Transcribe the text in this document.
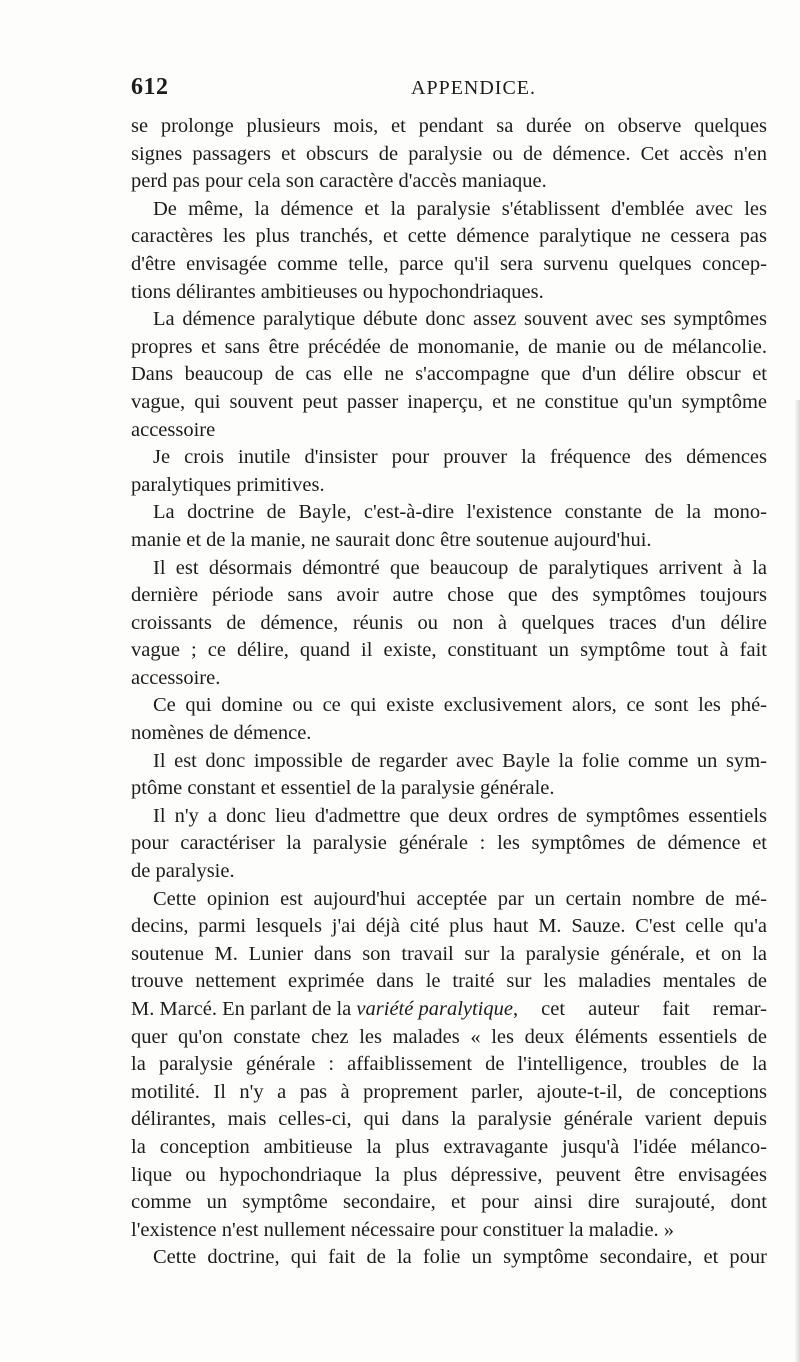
612	APPENDICE.
se prolonge plusieurs mois, et pendant sa durée on observe quelques
signes passagers et obscurs de paralysie ou de démence. Cet accès n'en
perd pas pour cela son caractère d'accès maniaque.
De même, la démence et la paralysie s'établissent d'emblée avec les
caractères les plus tranchés, et cette démence paralytique ne cessera pas
d'être envisagée comme telle, parce qu'il sera survenu quelques concep-
tions délirantes ambitieuses ou hypochondriaques.
La démence paralytique débute donc assez souvent avec ses symptômes
propres et sans être précédée de monomanie, de manie ou de mélancolie.
Dans beaucoup de cas elle ne s'accompagne que d'un délire obscur et
vague, qui souvent peut passer inaperçu, et ne constitue qu'un symptôme
accessoire
Je crois inutile d'insister pour prouver la fréquence des démences
paralytiques primitives.
La doctrine de Bayle, c'est-à-dire l'existence constante de la mono-
manie et de la manie, ne saurait donc être soutenue aujourd'hui.
Il est désormais démontré que beaucoup de paralytiques arrivent à la
dernière période sans avoir autre chose que des symptômes toujours
croissants de démence, réunis ou non à quelques traces d'un délire
vague ; ce délire, quand il existe, constituant un symptôme tout à fait
accessoire.
Ce qui domine ou ce qui existe exclusivement alors, ce sont les phé-
nomènes de démence.
Il est donc impossible de regarder avec Bayle la folie comme un sym-
ptôme constant et essentiel de la paralysie générale.
Il n'y a donc lieu d'admettre que deux ordres de symptômes essentiels
pour caractériser la paralysie générale : les symptômes de démence et
de paralysie.
Cette opinion est aujourd'hui acceptée par un certain nombre de mé-
decins, parmi lesquels j'ai déjà cité plus haut M. Sauze. C'est celle qu'a
soutenue M. Lunier dans son travail sur la paralysie générale, et on la
trouve nettement exprimée dans le traité sur les maladies mentales de
M. Marcé. En parlant de la
variété paralytique , cet auteur fait remar-
quer qu'on constate chez les malades « les deux éléments essentiels de
la paralysie générale : affaiblissement de l'intelligence, troubles de la
motilité. Il n'y a pas à proprement parler, ajoute-t-il, de conceptions
délirantes, mais celles-ci, qui dans la paralysie générale varient depuis
la conception ambitieuse la plus extravagante jusqu'à l'idée mélanco-
lique ou hypochondriaque la plus dépressive, peuvent être envisagées
comme un symptôme secondaire, et pour ainsi dire surajouté, dont
l'existence n'est nullement nécessaire pour constituer la maladie. »
Cette doctrine, qui fait de la folie un symptôme secondaire, et pour
